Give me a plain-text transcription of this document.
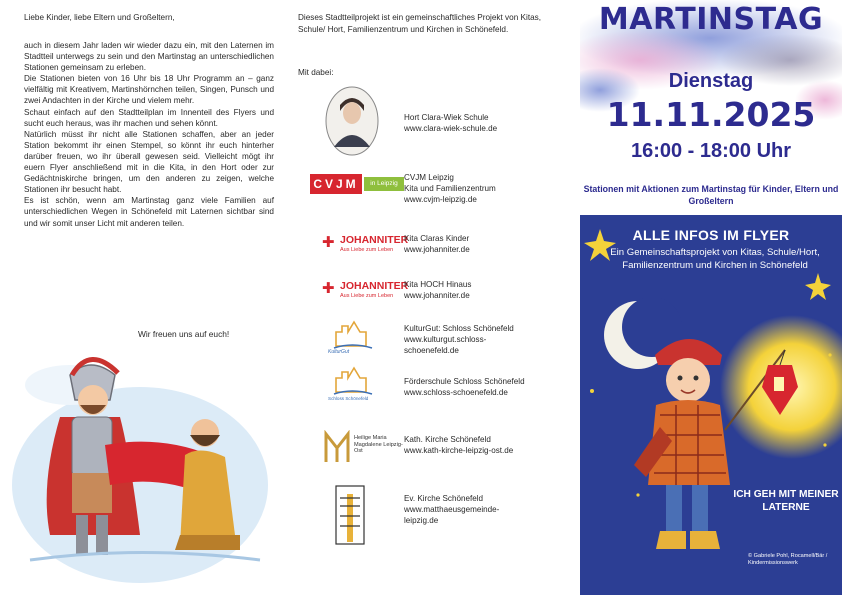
Liebe Kinder, liebe Eltern und Großeltern,

auch in diesem Jahr laden wir wieder dazu ein, mit den Laternen im Stadtteil unterwegs zu sein und den Martinstag an unterschiedlichen Stationen gemeinsam zu erleben.

Die Stationen bieten von 16 Uhr bis 18 Uhr Programm an – ganz vielfältig mit Kreativem, Martinshörnchen teilen, Singen, Punsch und zwei Andachten in der Kirche und vielem mehr.

Schaut einfach auf den Stadtteilplan im Innenteil des Flyers und sucht euch heraus, was ihr machen und sehen könnt.

Natürlich müsst ihr nicht alle Stationen schaffen, aber an jeder Station bekommt ihr einen Stempel, so könnt ihr euch hinterher darüber freuen, wo ihr überall gewesen seid. Vielleicht mögt ihr euern Flyer anschließend mit in die Kita, in den Hort oder zur Gedächtniskirche bringen, um den anderen zu zeigen, welche Stationen ihr besucht habt.

Es ist schön, wenn am Martinstag ganz viele Familien auf unterschiedlichen Wegen in Schönefeld mit Laternen sichtbar sind und wir somit unser Licht mit anderen teilen.

Wir freuen uns auf euch!
Dieses Stadtteilprojekt ist ein gemeinschaftliches Projekt von Kitas, Schule/ Hort, Familienzentrum und Kirchen in Schönefeld.
Mit dabei:
Hort Clara-Wiek Schule
www.clara-wiek-schule.de
CVJM	in Leipzig
CVJM Leipzig
Kita und Familienzentrum
www.cvjm-leipzig.de
✚ JOHANNITER
Aus Liebe zum Leben
Kita Claras Kinder
www.johanniter.de
✚ JOHANNITER
Aus Liebe zum Leben
Kita HOCH Hinaus
www.johanniter.de
KulturGut
KulturGut: Schloss Schönefeld
www.kulturgut.schloss-
schoenefeld.de
Schloss Schönefeld
Förderschule Schloss Schönefeld
www.schloss-schoenefeld.de
Heilige Maria Magdalene Leipzig-Ost
Kath. Kirche Schönefeld
www.kath-kirche-leipzig-ost.de
Ev. Kirche Schönefeld
www.matthaeusgemeinde-
leipzig.de
MARTINSTAG
Dienstag
11.11.2025
16:00 - 18:00 Uhr
Stationen mit Aktionen zum Martinstag für Kinder, Eltern und Großeltern
ALLE INFOS IM FLYER
Ein Gemeinschaftsprojekt von Kitas, Schule/Hort, Familienzentrum und Kirchen in Schönefeld
ICH GEH MIT MEINER LATERNE
© Gabriele Pohl, Rocamell/Bär / Kindermissionswerk
